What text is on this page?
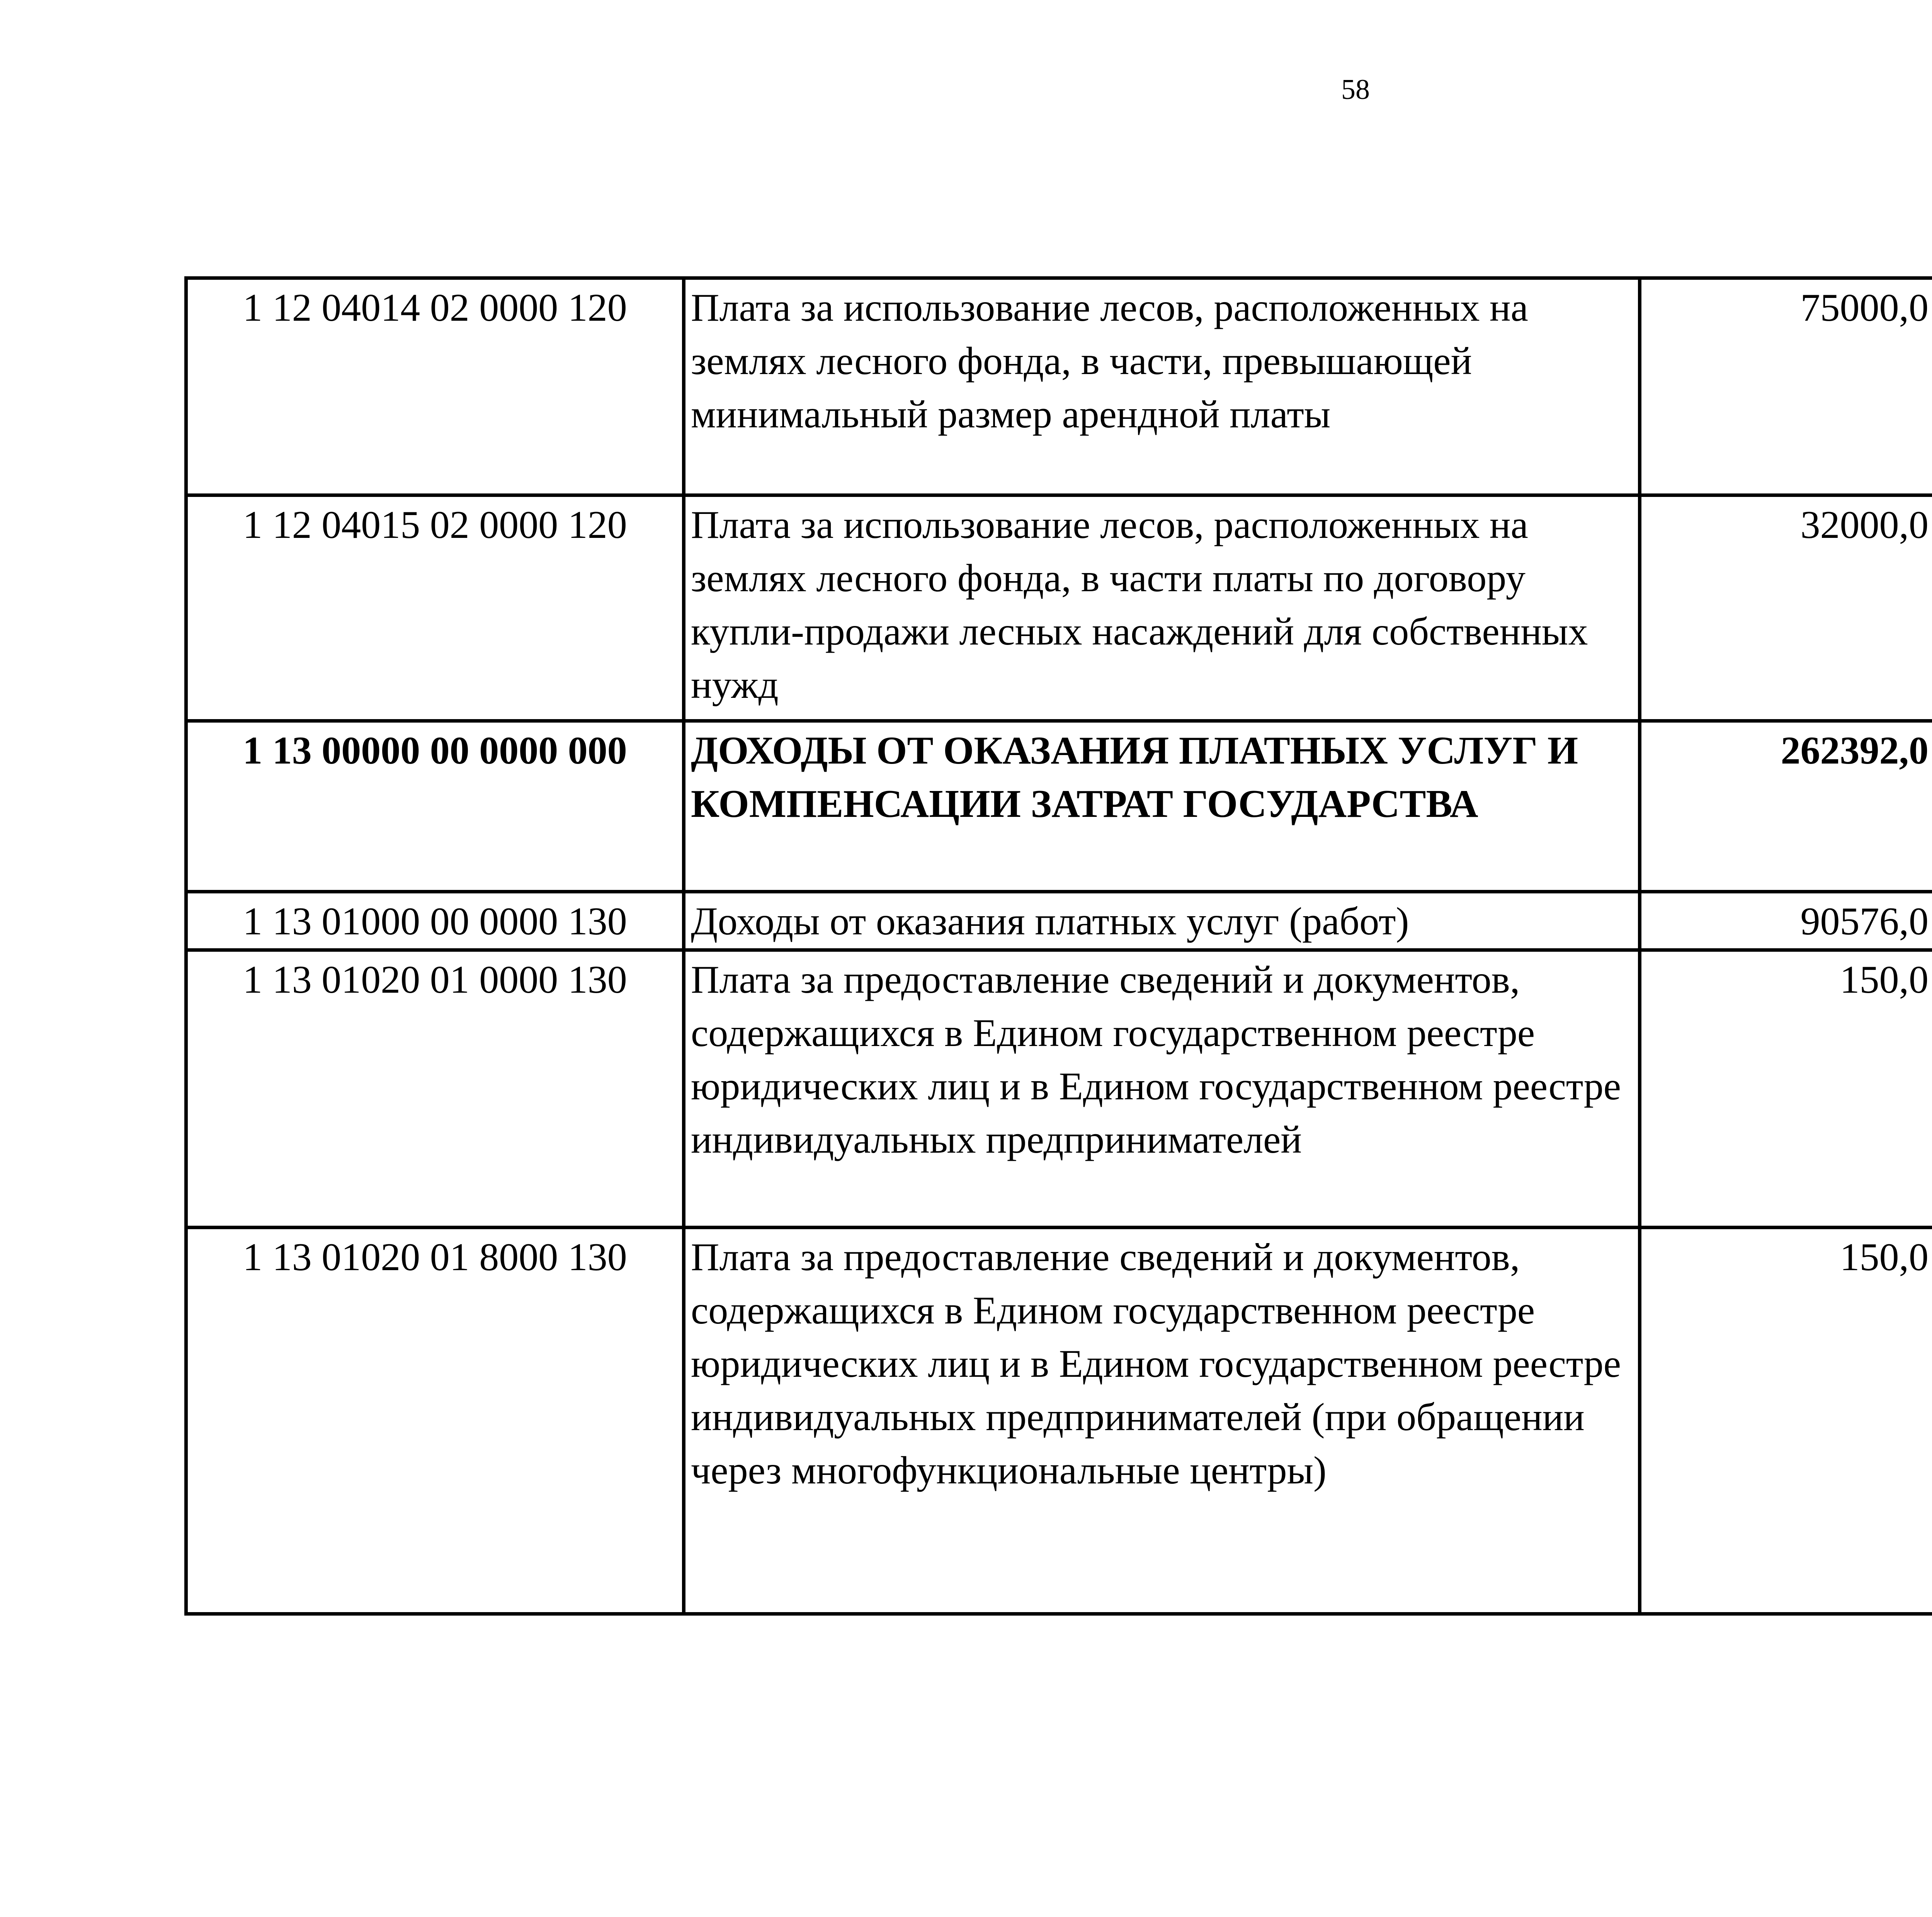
58
1 12 04014 02 0000 120	Плата за использование лесов, расположенных на землях лесного фонда, в части, превышающей минимальный размер арендной платы	75000,0		
1 12 04015 02 0000 120	Плата за использование лесов, расположенных на землях лесного фонда, в части платы по договору купли-продажи лесных насаждений для собственных нужд	32000,0		
1 13 00000 00 0000 000	ДОХОДЫ ОТ ОКАЗАНИЯ ПЛАТНЫХ УСЛУГ И КОМПЕНСАЦИИ ЗАТРАТ ГОСУДАРСТВА	262392,0		
1 13 01000 00 0000 130	Доходы от оказания платных услуг (работ)	90576,0		
1 13 01020 01 0000 130	Плата за предоставление сведений и документов, содержащихся в Едином государственном реестре юридических лиц и в Едином государственном реестре индивидуальных предпринимателей	150,0		
1 13 01020 01 8000 130	Плата за предоставление сведений и документов, содержащихся в Едином государственном реестре юридических лиц и в Едином государственном реестре индивидуальных предпринимателей (при обращении через многофункциональные центры)	150,0		
